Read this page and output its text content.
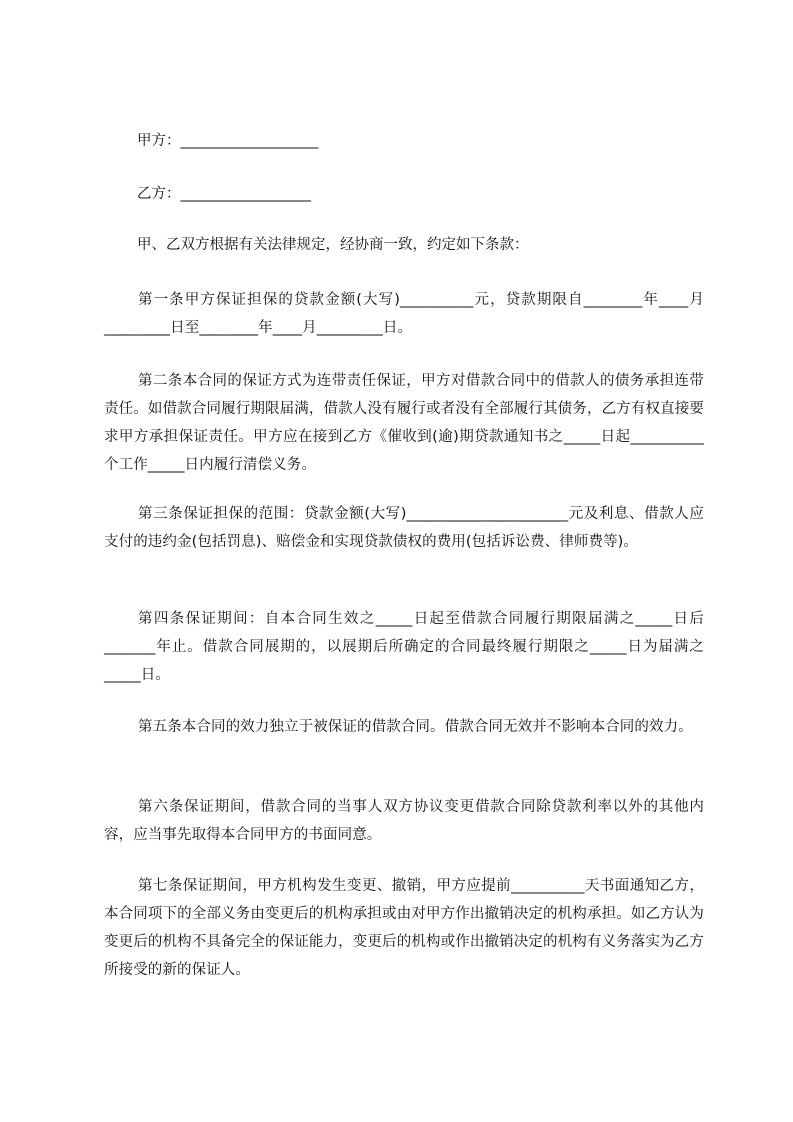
甲方：___________________
乙方：__________________
甲、乙双方根据有关法律规定，经协商一致，约定如下条款：

第一条甲方保证担保的贷款金额(大写)__________元，贷款期限自________年____月_________日至________年____月_________日。

第二条本合同的保证方式为连带责任保证，甲方对借款合同中的借款人的债务承担连带责任。如借款合同履行期限届满，借款人没有履行或者没有全部履行其债务，乙方有权直接要求甲方承担保证责任。甲方应在接到乙方《催收到(逾)期贷款通知书之_____日起__________个工作_____日内履行清偿义务。

第三条保证担保的范围：贷款金额(大写)______________________元及利息、借款人应支付的违约金(包括罚息)、赔偿金和实现贷款债权的费用(包括诉讼费、律师费等)。

第四条保证期间：自本合同生效之_____日起至借款合同履行期限届满之_____日后_______年止。借款合同展期的，以展期后所确定的合同最终履行期限之_____日为届满之_____日。

第五条本合同的效力独立于被保证的借款合同。借款合同无效并不影响本合同的效力。

第六条保证期间，借款合同的当事人双方协议变更借款合同除贷款利率以外的其他内容，应当事先取得本合同甲方的书面同意。

第七条保证期间，甲方机构发生变更、撤销，甲方应提前__________天书面通知乙方，本合同项下的全部义务由变更后的机构承担或由对甲方作出撤销决定的机构承担。如乙方认为变更后的机构不具备完全的保证能力，变更后的机构或作出撤销决定的机构有义务落实为乙方所接受的新的保证人。
